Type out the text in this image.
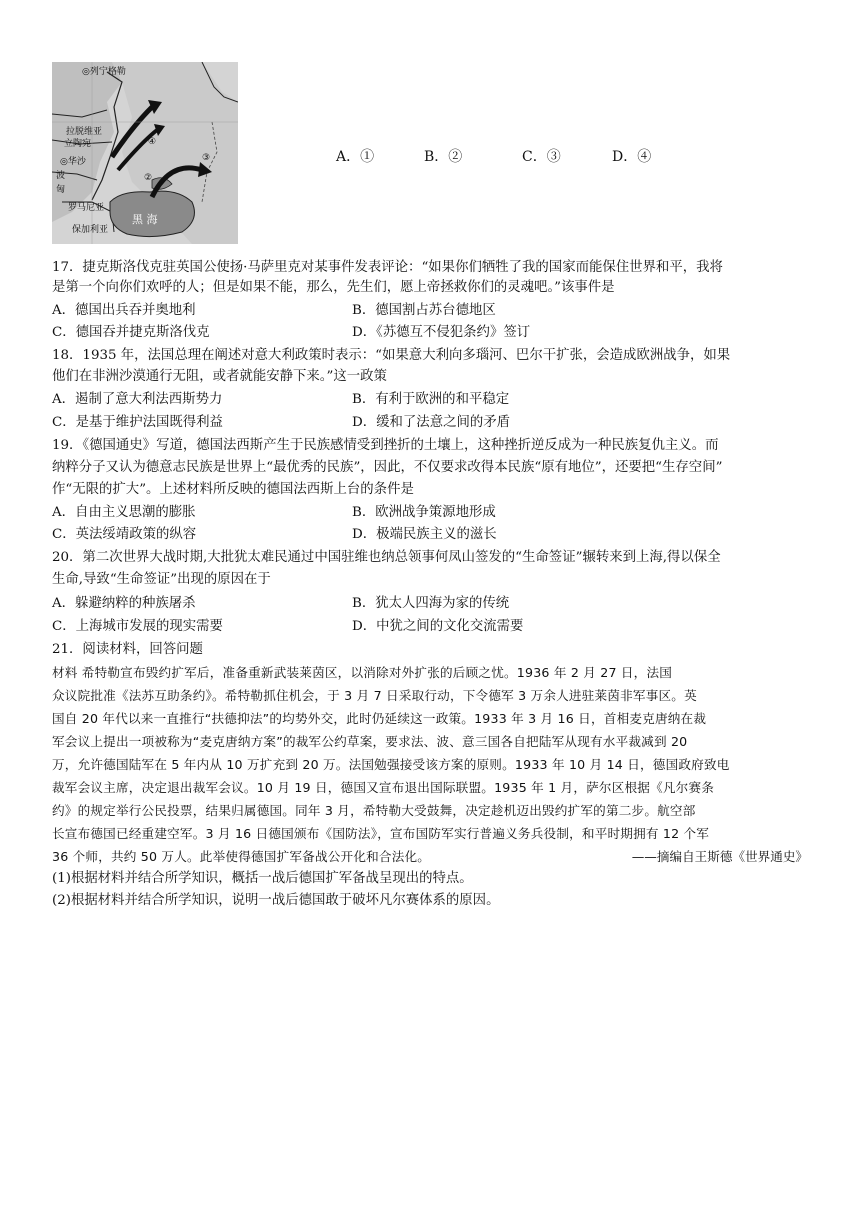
◎列宁格勒
拉脱维亚
立陶宛
◎华沙
波
匈
罗马尼亚
保加利亚
黑 海
①
④
②
③	A．①	B．②	C．③	D．④
17．捷克斯洛伐克驻英国公使扬·马萨里克对某事件发表评论：“如果你们牺牲了我的国家而能保住世界和平，我将
是第一个向你们欢呼的人；但是如果不能，那么，先生们，愿上帝拯救你们的灵魂吧。”该事件是
A．德国出兵吞并奥地利	B．德国割占苏台德地区
C．德国吞并捷克斯洛伐克	D．《苏德互不侵犯条约》签订
18．1935 年，法国总理在阐述对意大利政策时表示：“如果意大利向多瑙河、巴尔干扩张，会造成欧洲战争，如果
他们在非洲沙漠通行无阻，或者就能安静下来。”这一政策
A．遏制了意大利法西斯势力	B．有利于欧洲的和平稳定
C．是基于维护法国既得利益	D．缓和了法意之间的矛盾
19．《德国通史》写道，德国法西斯产生于民族感情受到挫折的土壤上，这种挫折逆反成为一种民族复仇主义。而
纳粹分子又认为德意志民族是世界上“最优秀的民族”，因此，不仅要求改得本民族“原有地位”，还要把“生存空间”
作“无限的扩大”。上述材料所反映的德国法西斯上台的条件是
A．自由主义思潮的膨胀	B．欧洲战争策源地形成
C．英法绥靖政策的纵容	D．极端民族主义的滋长
20．第二次世界大战时期,大批犹太难民通过中国驻维也纳总领事何凤山签发的“生命签证”辗转来到上海,得以保全
生命,导致“生命签证”出现的原因在于
A．躲避纳粹的种族屠杀	B．犹太人四海为家的传统
C．上海城市发展的现实需要	D．中犹之间的文化交流需要
21．阅读材料，回答问题
材料 希特勒宣布毁约扩军后，准备重新武装莱茵区，以消除对外扩张的后顾之忧。1936 年 2 月 27 日，法国
众议院批准《法苏互助条约》。希特勒抓住机会，于 3 月 7 日采取行动，下令德军 3 万余人进驻莱茵非军事区。英
国自 20 年代以来一直推行“扶德抑法”的均势外交，此时仍延续这一政策。1933 年 3 月 16 日，首相麦克唐纳在裁
军会议上提出一项被称为“麦克唐纳方案”的裁军公约草案，要求法、波、意三国各自把陆军从现有水平裁减到 20
万，允许德国陆军在 5 年内从 10 万扩充到 20 万。法国勉强接受该方案的原则。1933 年 10 月 14 日，德国政府致电
裁军会议主席，决定退出裁军会议。10 月 19 日，德国又宣布退出国际联盟。1935 年 1 月，萨尔区根据《凡尔赛条
约》的规定举行公民投票，结果归属德国。同年 3 月，希特勒大受鼓舞，决定趁机迈出毁约扩军的第二步。航空部
长宣布德国已经重建空军。3 月 16 日德国颁布《国防法》，宣布国防军实行普遍义务兵役制，和平时期拥有 12 个军
36 个师，共约 50 万人。此举使得德国扩军备战公开化和合法化。	——摘编自王斯德《世界通史》
(1)根据材料并结合所学知识，概括一战后德国扩军备战呈现出的特点。
(2)根据材料并结合所学知识，说明一战后德国敢于破坏凡尔赛体系的原因。
